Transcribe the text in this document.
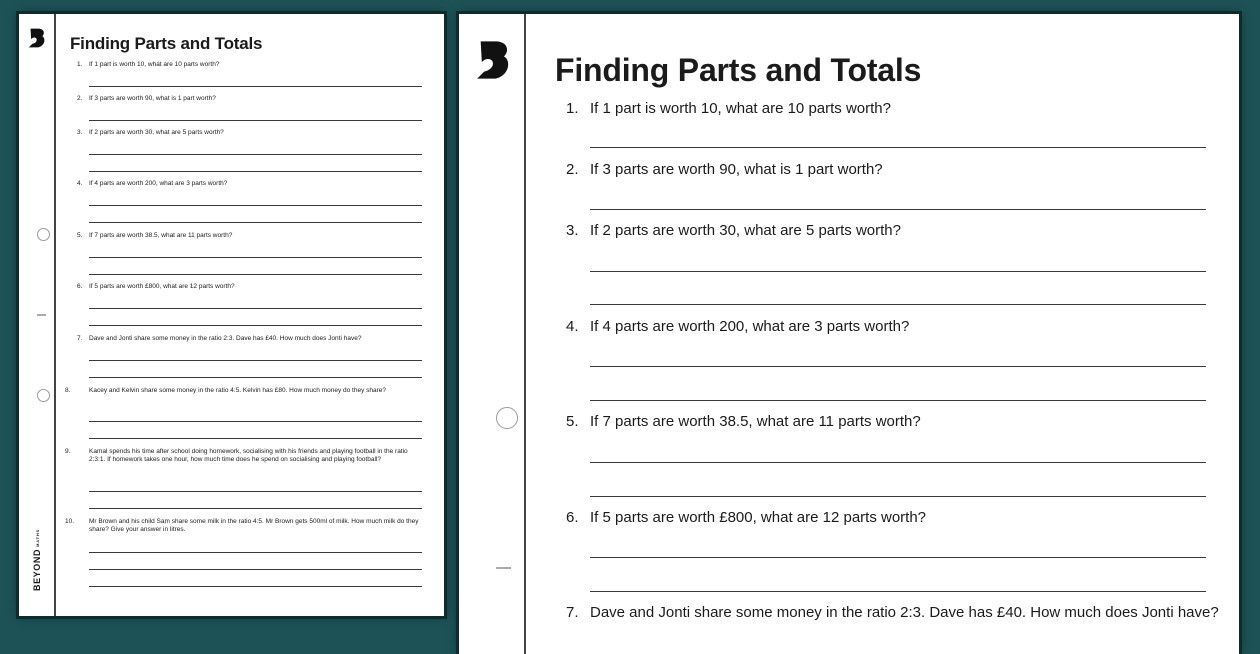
Finding Parts and Totals
1. If 1 part is worth 10, what are 10 parts worth?
2. If 3 parts are worth 90, what is 1 part worth?
3. If 2 parts are worth 30, what are 5 parts worth?
4. If 4 parts are worth 200, what are 3 parts worth?
5. If 7 parts are worth 38.5, what are 11 parts worth?
6. If 5 parts are worth £800, what are 12 parts worth?
7. Dave and Jonti share some money in the ratio 2:3. Dave has £40. How much does Jonti have?
8.	Kacey and Kelvin share some money in the ratio 4:5. Kelvin has £80. How much money do they share?
9.	Kamal spends his time after school doing homework, socialising with his friends and playing football in the ratio 2:3:1. If homework takes one hour, how much time does he spend on socialising and playing football?
10. Mr Brown and his child Sam share some milk in the ratio 4:5. Mr Brown gets 500ml of milk. How much milk do they share? Give your answer in litres.
BEYONDMATHS
Finding Parts and Totals
1. If 1 part is worth 10, what are 10 parts worth?
2. If 3 parts are worth 90, what is 1 part worth?
3. If 2 parts are worth 30, what are 5 parts worth?
4. If 4 parts are worth 200, what are 3 parts worth?
5. If 7 parts are worth 38.5, what are 11 parts worth?
6. If 5 parts are worth £800, what are 12 parts worth?
7. Dave and Jonti share some money in the ratio 2:3. Dave has £40. How much does Jonti have?
